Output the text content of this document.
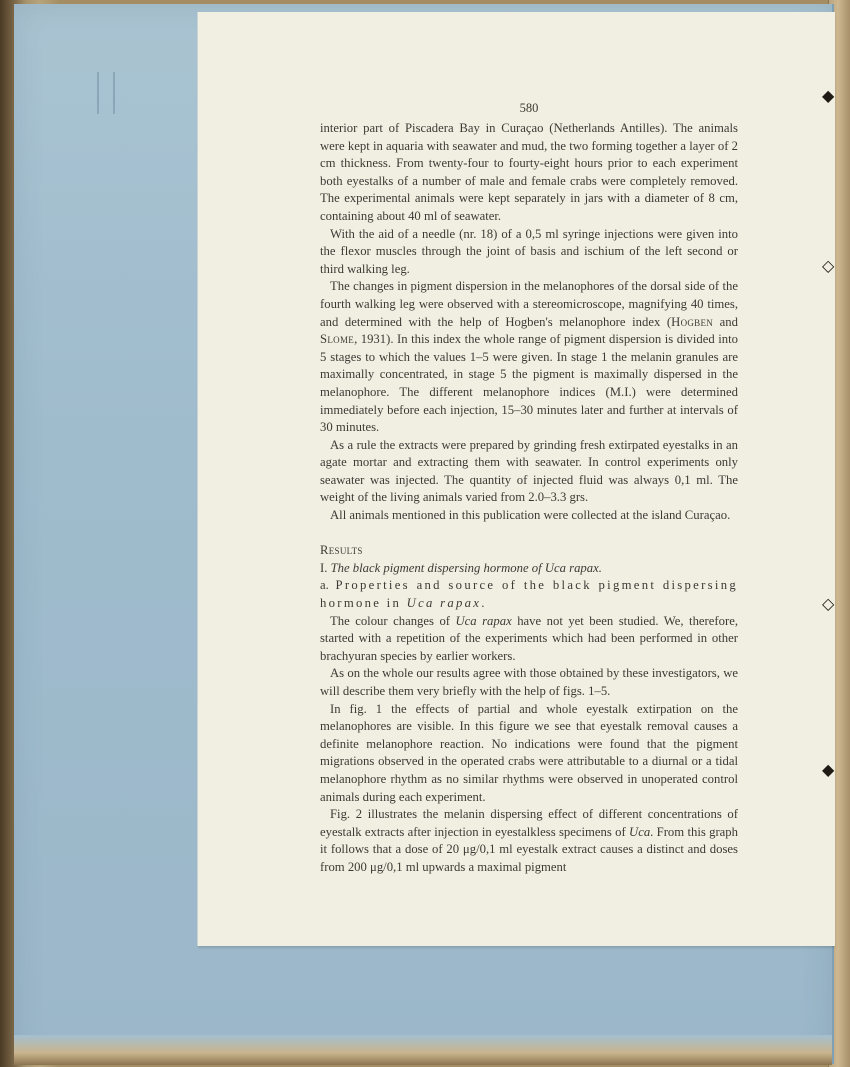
◆
◇
◇
◆
580

interior part of Piscadera Bay in Curaçao (Netherlands Antilles). The animals were kept in aquaria with seawater and mud, the two forming together a layer of 2 cm thickness. From twenty-four to fourty-eight hours prior to each experiment both eyestalks of a number of male and female crabs were completely removed. The experimental animals were kept separately in jars with a diameter of 8 cm, containing about 40 ml of seawater.

With the aid of a needle (nr. 18) of a 0,5 ml syringe injections were given into the flexor muscles through the joint of basis and ischium of the left second or third walking leg.

The changes in pigment dispersion in the melanophores of the dorsal side of the fourth walking leg were observed with a stereomicroscope, magnifying 40 times, and determined with the help of Hogben's melanophore index (Hogben and Slome, 1931). In this index the whole range of pigment dispersion is divided into 5 stages to which the values 1–5 were given. In stage 1 the melanin granules are maximally concentrated, in stage 5 the pigment is maximally dispersed in the melanophore. The different melanophore indices (M.I.) were determined immediately before each injection, 15–30 minutes later and further at intervals of 30 minutes.

As a rule the extracts were prepared by grinding fresh extirpated eyestalks in an agate mortar and extracting them with seawater. In control experiments only seawater was injected. The quantity of injected fluid was always 0,1 ml. The weight of the living animals varied from 2.0–3.3 grs.

All animals mentioned in this publication were collected at the island Curaçao.

Results

I. The black pigment dispersing hormone of Uca rapax.

a. Properties and source of the black pigment dispersing hormone in Uca rapax.

The colour changes of Uca rapax have not yet been studied. We, therefore, started with a repetition of the experiments which had been performed in other brachyuran species by earlier workers.

As on the whole our results agree with those obtained by these investigators, we will describe them very briefly with the help of figs. 1–5.

In fig. 1 the effects of partial and whole eyestalk extirpation on the melanophores are visible. In this figure we see that eyestalk removal causes a definite melanophore reaction. No indications were found that the pigment migrations observed in the operated crabs were attributable to a diurnal or a tidal melanophore rhythm as no similar rhythms were observed in unoperated control animals during each experiment.

Fig. 2 illustrates the melanin dispersing effect of different concentrations of eyestalk extracts after injection in eyestalkless specimens of Uca. From this graph it follows that a dose of 20 μg/0,1 ml eyestalk extract causes a distinct and doses from 200 μg/0,1 ml upwards a maximal pigment
